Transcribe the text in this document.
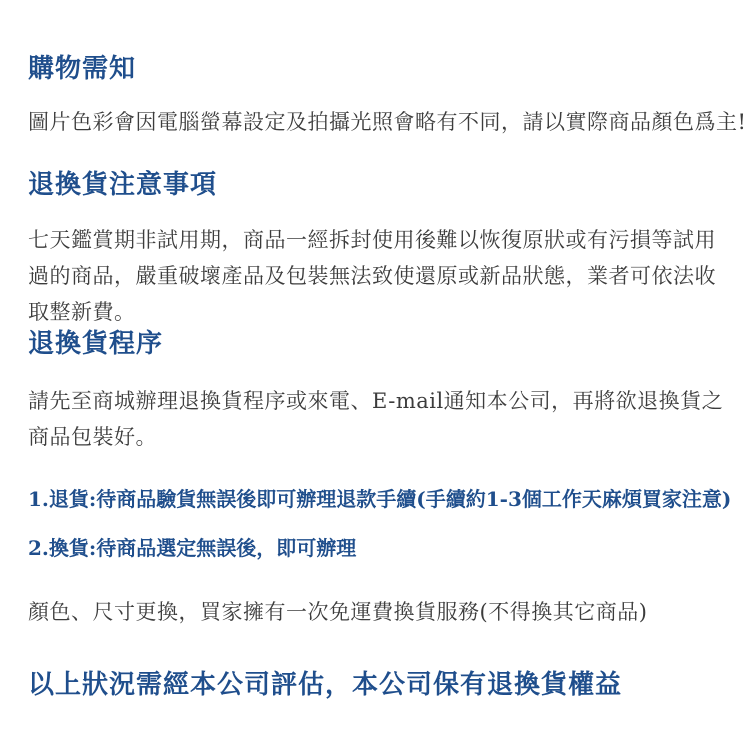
購物需知
圖片色彩會因電腦螢幕設定及拍攝光照會略有不同，請以實際商品顏色爲主!
退換貨注意事項
七天鑑賞期非試用期，商品一經拆封使用後難以恢復原狀或有污損等試用過的商品，嚴重破壞產品及包裝無法致使還原或新品狀態，業者可依法收取整新費。
退換貨程序
請先至商城辦理退換貨程序或來電、E-mail通知本公司，再將欲退換貨之商品包裝好。
1.退貨:待商品驗貨無誤後即可辦理退款手續(手續約1-3個工作天麻煩買家注意)
2.換貨:待商品選定無誤後，即可辦理
顏色、尺寸更換，買家擁有一次免運費換貨服務(不得換其它商品)
以上狀況需經本公司評估，本公司保有退換貨權益
